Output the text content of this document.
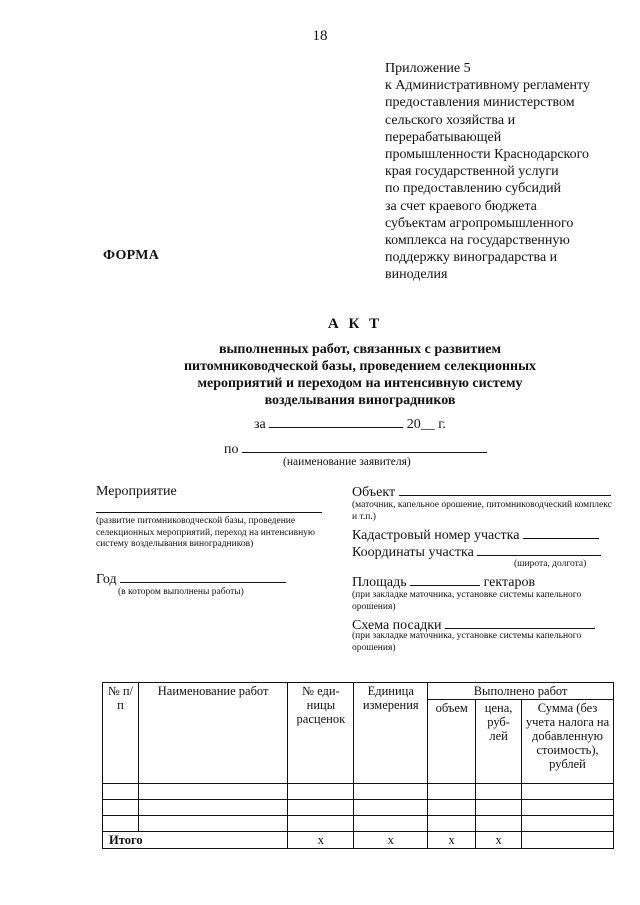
18
Приложение 5
к Административному регламенту
предоставления министерством
сельского хозяйства и
перерабатывающей
промышленности Краснодарского
края государственной услуги
по предоставлению субсидий
за счет краевого бюджета
субъектам агропромышленного
комплекса на государственную
поддержку виноградарства и
виноделия
ФОРМА
А К Т
выполненных работ, связанных с развитием
питомниководческой базы, проведением селекционных
мероприятий и переходом на интенсивную систему
возделывания виноградников
за	20__ г.
по
(наименование заявителя)
Мероприятие
(развитие питомниководческой базы, проведение селекционных мероприятий, переход на интенсивную систему возделывания виноградников)
Год
(в котором выполнены работы)
Объект
(маточник, капельное орошение, питомниководческий комплекс и т.п.)
Кадастровый номер участка
Координаты участка
(широта, долгота)
Площадь	гектаров
(при закладке маточника, установке системы капельного орошения)
Схема посадки
(при закладке маточника, установке системы капельного орошения)
№ п/п	Наименование работ	№ еди-ницы расценок	Единица измерения	Выполнено работ		
				объем	цена, руб-лей	Сумма (без учета налога на добавленную стоимость), рублей

Итого		х	х	х	х	
